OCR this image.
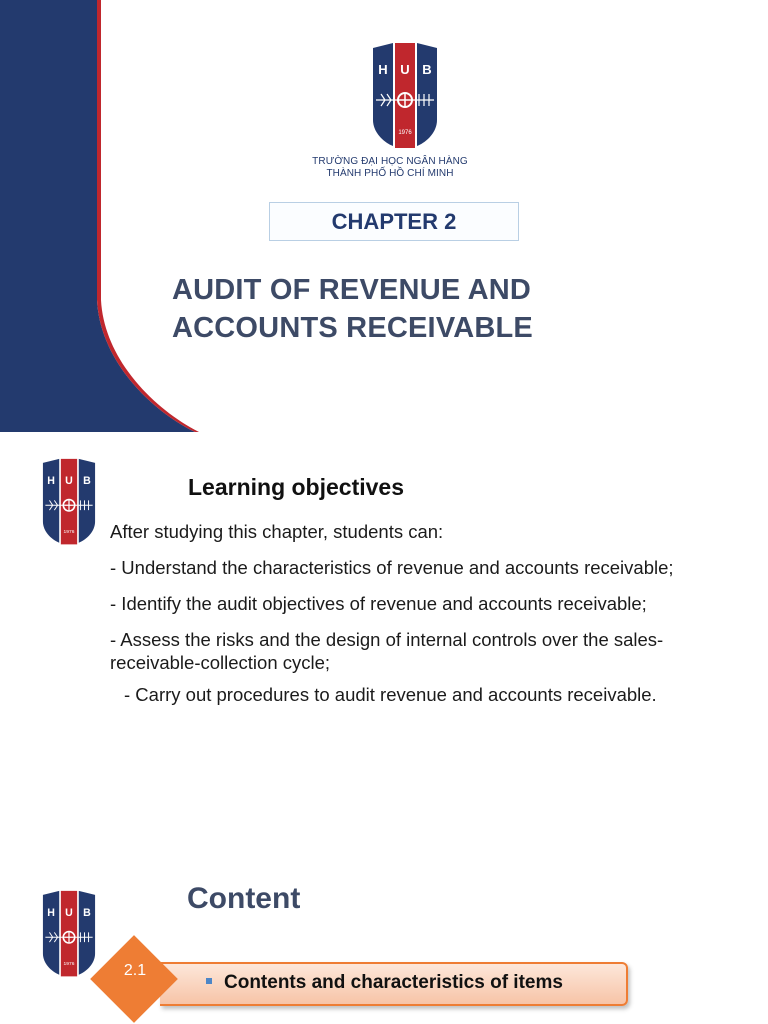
H U B
1976
TRƯỜNG ĐẠI HỌC NGÂN HÀNG
THÀNH PHỐ HỒ CHÍ MINH
CHAPTER 2
AUDIT OF REVENUE AND
ACCOUNTS RECEIVABLE
H U B
1976
Learning objectives

After studying this chapter, students can:

- Understand the characteristics of revenue and accounts receivable;

- Identify the audit objectives of revenue and accounts receivable;

- Assess the risks and the design of internal controls over the sales-receivable-collection cycle;

- Carry out procedures to audit revenue and accounts receivable.

H U B
1976
Content
2.1
Contents and characteristics of items
